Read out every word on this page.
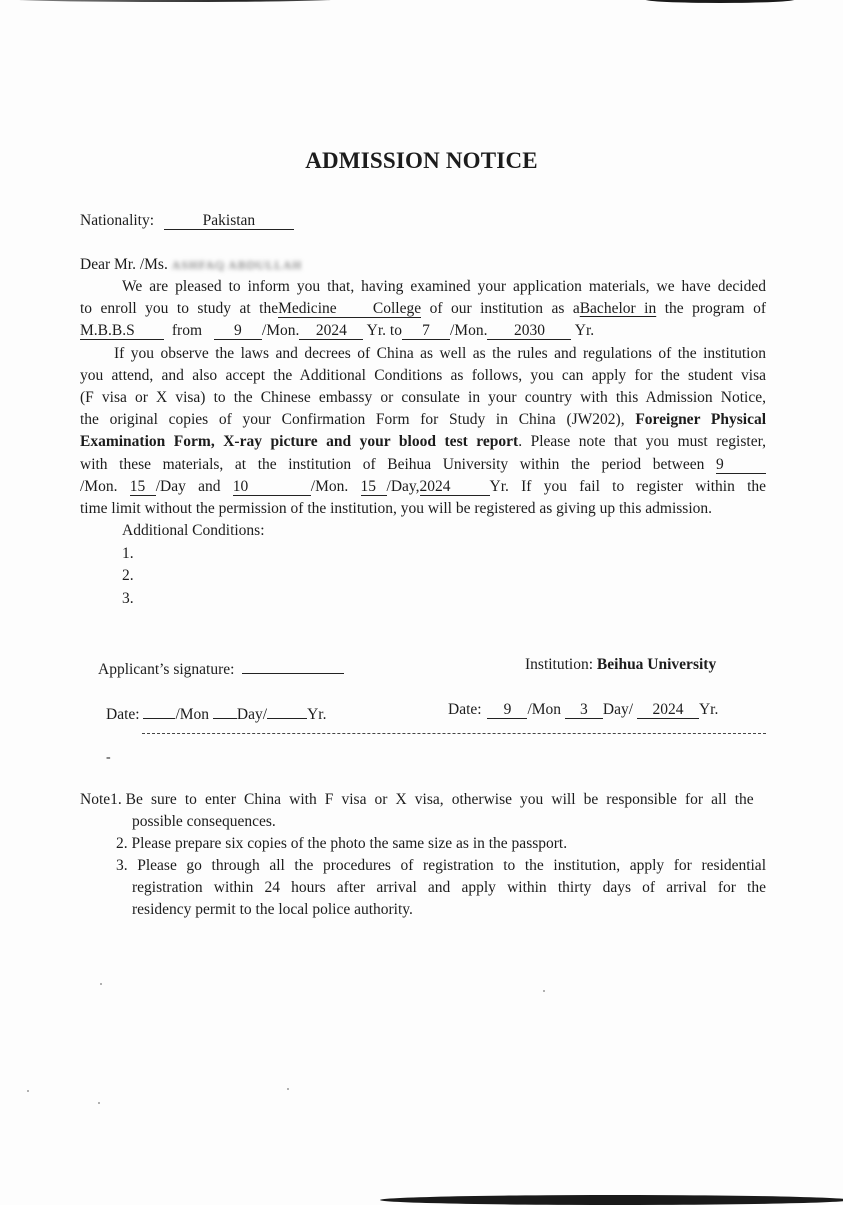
ADMISSION NOTICE
Nationality:	Pakistan
Dear Mr. /Ms. ASHFAQ ABDULLAH
We are pleased to inform you that, having examined your application materials, we have decided
to enroll you to study at theMedicine College of our institution as aBachelor in the program of
M.B.B.S from 9 /Mon. 2024 Yr. to 7 /Mon. 2030 Yr.
If you observe the laws and decrees of China as well as the rules and regulations of the institution
you attend, and also accept the Additional Conditions as follows, you can apply for the student visa
(F visa or X visa) to the Chinese embassy or consulate in your country with this Admission Notice,
the original copies of your Confirmation Form for Study in China (JW202), Foreigner Physical
Examination Form, X-ray picture and your blood test report. Please note that you must register,
with these materials, at the institution of Beihua University within the period between 9
/Mon. 15 /Day and 10	/Mon. 15 /Day,2024	Yr. If you fail to register within the
time limit without the permission of the institution, you will be registered as giving up this admission.
Additional Conditions:
1.
2.
3.
Applicant’s signature:	Institution: Beihua University
Date: /Mon Day/	Yr.	Date: 9 /Mon 3 Day/ 2024 Yr.
-
Note1. Be sure to enter China with F visa or X visa, otherwise you will be responsible for all the
possible consequences.
2. Please prepare six copies of the photo the same size as in the passport.
3. Please go through all the procedures of registration to the institution, apply for residential
registration within 24 hours after arrival and apply within thirty days of arrival for the
residency permit to the local police authority.
